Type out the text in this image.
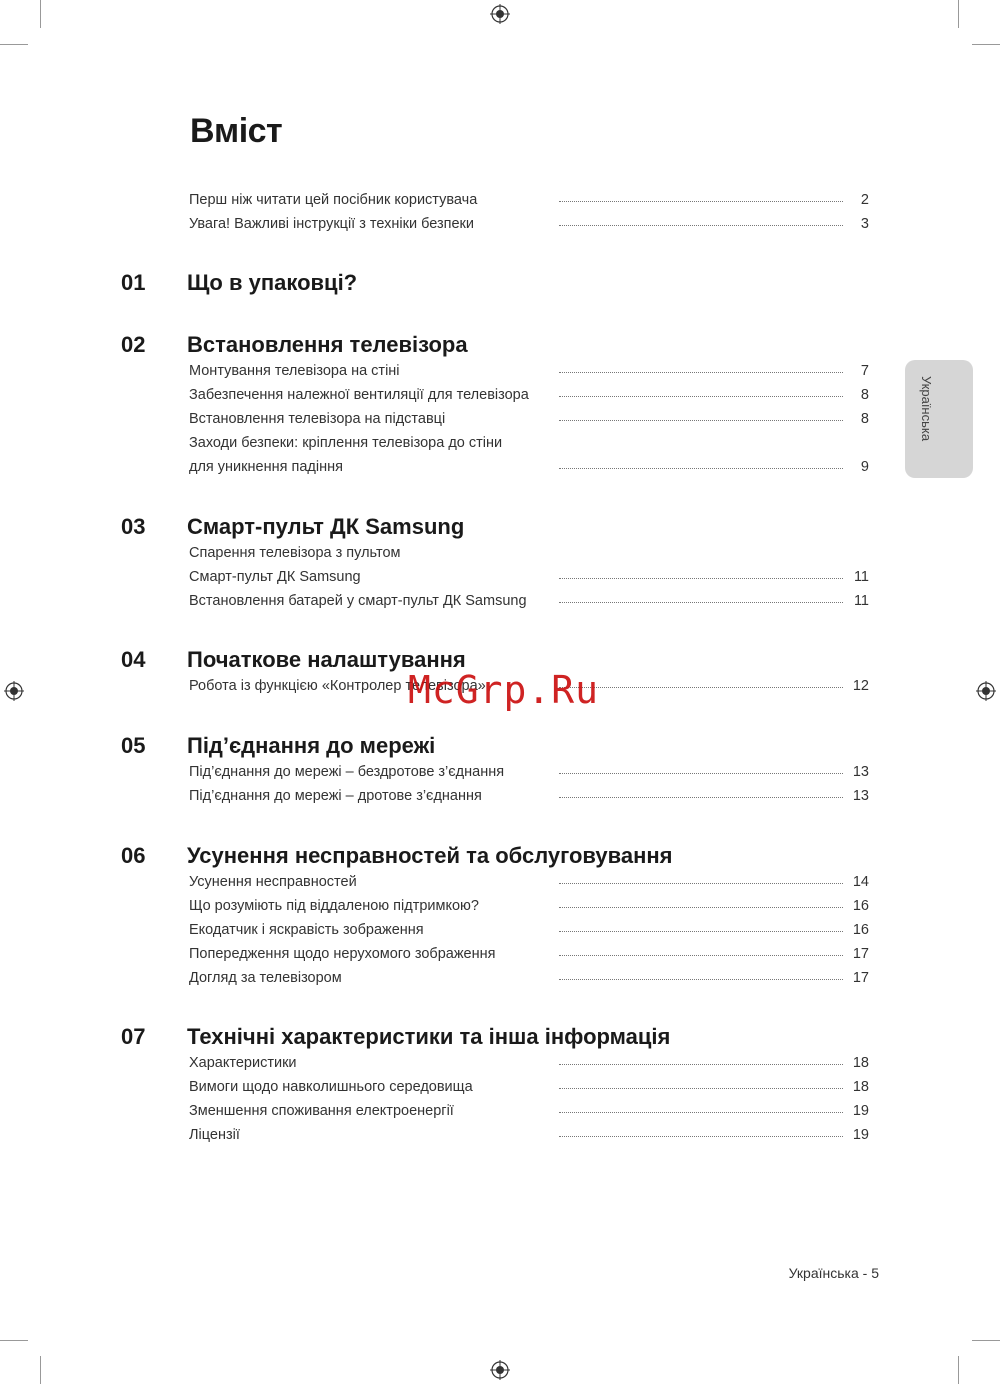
Вміст
Перш ніж читати цей посібник користувача	2
Увага! Важливі інструкції з техніки безпеки	3
01 Що в упаковці?
02 Встановлення телевізора
Монтування телевізора на стіні	7
Забезпечення належної вентиляції для телевізора	8
Встановлення телевізора на підставці	8
Заходи безпеки: кріплення телевізора до стіни
для уникнення падіння	9
03 Смарт-пульт ДК Samsung
Спарення телевізора з пультом
Смарт-пульт ДК Samsung	11
Встановлення батарей у смарт-пульт ДК Samsung	11
04 Початкове налаштування
Робота із функцією «Контролер телевізора»	12
05 Під’єднання до мережі
Під’єднання до мережі – бездротове з’єднання	13
Під’єднання до мережі – дротове з’єднання	13
06 Усунення несправностей та обслуговування
Усунення несправностей	14
Що розуміють під віддаленою підтримкою?	16
Екодатчик і яскравість зображення	16
Попередження щодо нерухомого зображення	17
Догляд за телевізором	17
07 Технічні характеристики та інша інформація
Характеристики	18
Вимоги щодо навколишнього середовища	18
Зменшення споживання електроенергії	19
Ліцензії	19
Українська
McGrp.Ru
Українська - 5
